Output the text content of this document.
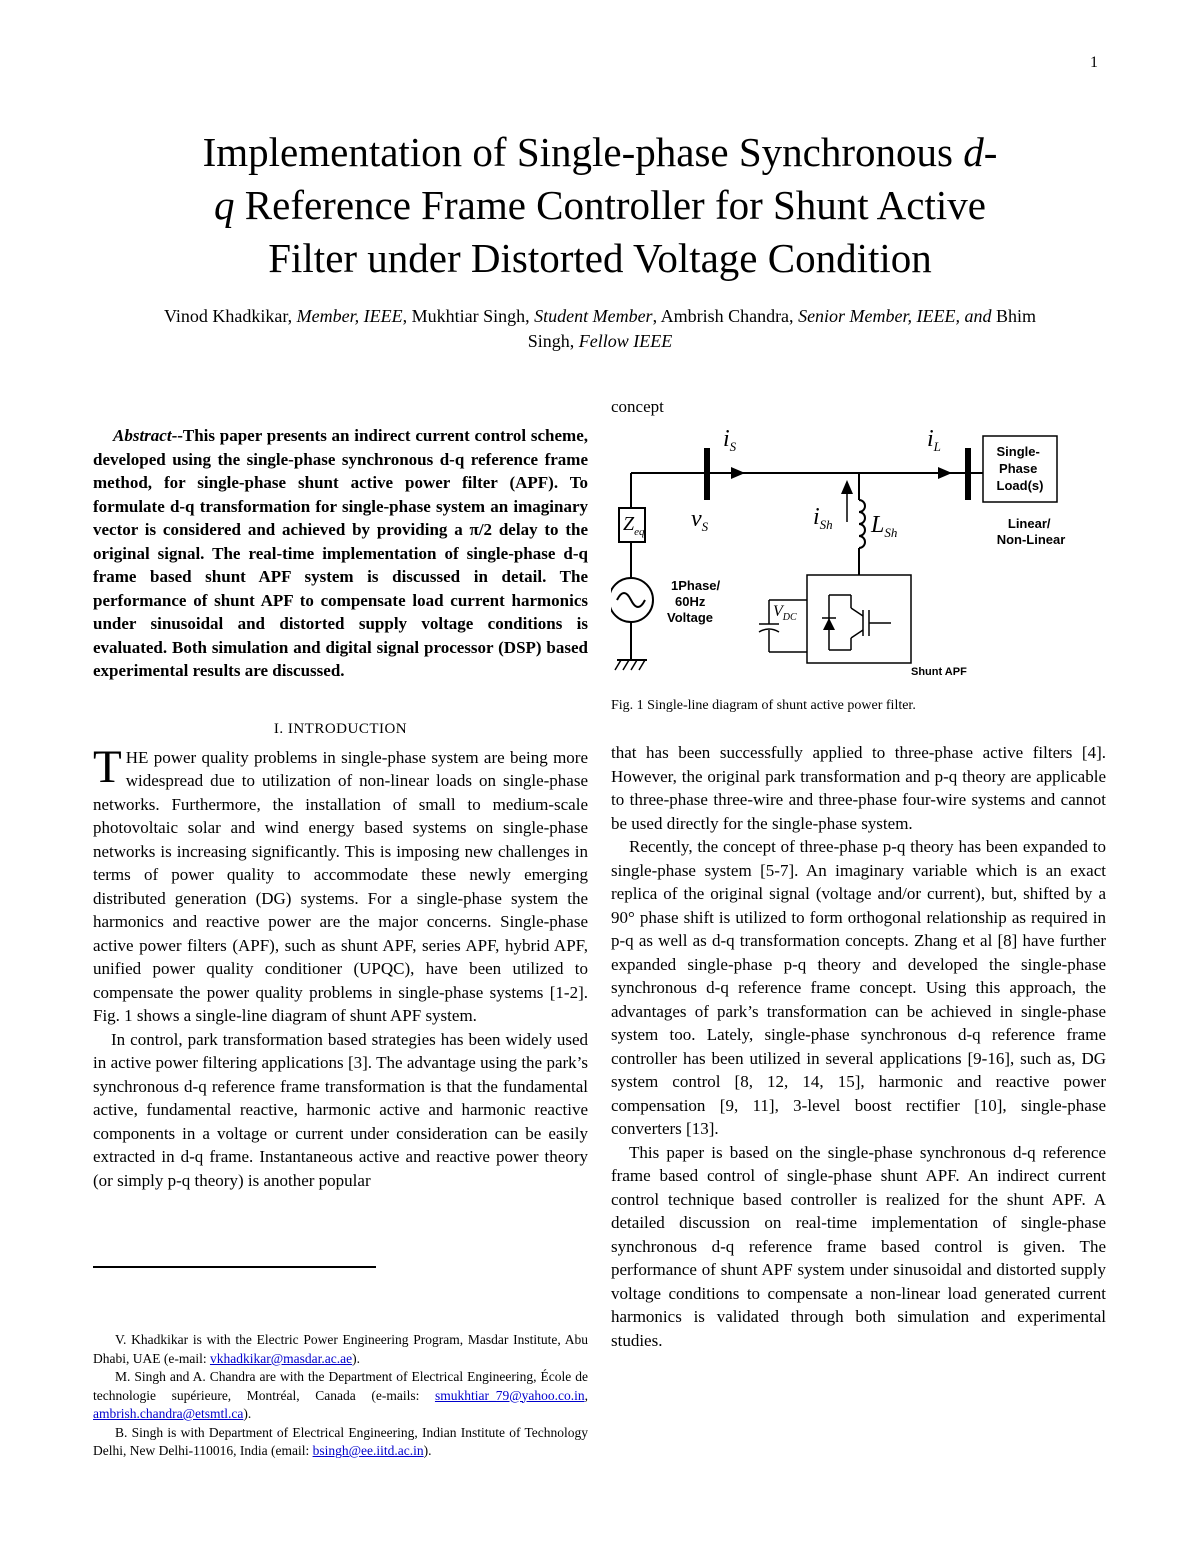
1
Implementation of Single-phase Synchronous d-
q Reference Frame Controller for Shunt Active
Filter under Distorted Voltage Condition
Vinod Khadkikar, Member, IEEE, Mukhtiar Singh, Student Member, Ambrish Chandra, Senior Member, IEEE, and Bhim Singh, Fellow IEEE

Abstract--This paper presents an indirect current control scheme, developed using the single-phase synchronous d-q reference frame method, for single-phase shunt active power filter (APF). To formulate d-q transformation for single-phase system an imaginary vector is considered and achieved by providing a π/2 delay to the original signal. The real-time implementation of single-phase d-q frame based shunt APF system is discussed in detail. The performance of shunt APF to compensate load current harmonics under sinusoidal and distorted supply voltage conditions is evaluated. Both simulation and digital signal processor (DSP) based experimental results are discussed.

I. INTRODUCTION

THE power quality problems in single-phase system are being more widespread due to utilization of non-linear loads on single-phase networks. Furthermore, the installation of small to medium-scale photovoltaic solar and wind energy based systems on single-phase networks is increasing significantly. This is imposing new challenges in terms of power quality to accommodate these newly emerging distributed generation (DG) systems. For a single-phase system the harmonics and reactive power are the major concerns. Single-phase active power filters (APF), such as shunt APF, series APF, hybrid APF, unified power quality conditioner (UPQC), have been utilized to compensate the power quality problems in single-phase systems [1-2]. Fig. 1 shows a single-line diagram of shunt APF system.

In control, park transformation based strategies has been widely used in active power filtering applications [3]. The advantage using the park’s synchronous d-q reference frame transformation is that the fundamental active, fundamental reactive, harmonic active and harmonic reactive components in a voltage or current under consideration can be easily extracted in d-q frame. Instantaneous active and reactive power theory (or simply p-q theory) is another popular

V. Khadkikar is with the Electric Power Engineering Program, Masdar Institute, Abu Dhabi, UAE (e-mail: vkhadkikar@masdar.ac.ae).

M. Singh and A. Chandra are with the Department of Electrical Engineering, École de technologie supérieure, Montréal, Canada (e-mails: smukhtiar_79@yahoo.co.in, ambrish.chandra@etsmtl.ca).

B. Singh is with Department of Electrical Engineering, Indian Institute of Technology Delhi, New Delhi-110016, India (email: bsingh@ee.iitd.ac.in).

concept
$i_S$	$i_L$
$Z_{eq}$ $v_S$	$i_{Sh}$ $L_{Sh}$
$V_{DC}$
1Phase/ 60Hz Voltage
Single- Phase Load(s)
Linear/ Non-Linear
Shunt APF
Fig. 1 Single-line diagram of shunt active power filter.

that has been successfully applied to three-phase active filters [4]. However, the original park transformation and p-q theory are applicable to three-phase three-wire and three-phase four-wire systems and cannot be used directly for the single-phase system.

Recently, the concept of three-phase p-q theory has been expanded to single-phase system [5-7]. An imaginary variable which is an exact replica of the original signal (voltage and/or current), but, shifted by a 90° phase shift is utilized to form orthogonal relationship as required in p-q as well as d-q transformation concepts. Zhang et al [8] have further expanded single-phase p-q theory and developed the single-phase synchronous d-q reference frame concept. Using this approach, the advantages of park’s transformation can be achieved in single-phase system too. Lately, single-phase synchronous d-q reference frame controller has been utilized in several applications [9-16], such as, DG system control [8, 12, 14, 15], harmonic and reactive power compensation [9, 11], 3-level boost rectifier [10], single-phase converters [13].

This paper is based on the single-phase synchronous d-q reference frame based control of single-phase shunt APF. An indirect current control technique based controller is realized for the shunt APF. A detailed discussion on real-time implementation of single-phase synchronous d-q reference frame based control is given. The performance of shunt APF system under sinusoidal and distorted supply voltage conditions to compensate a non-linear load generated current harmonics is validated through both simulation and experimental studies.
